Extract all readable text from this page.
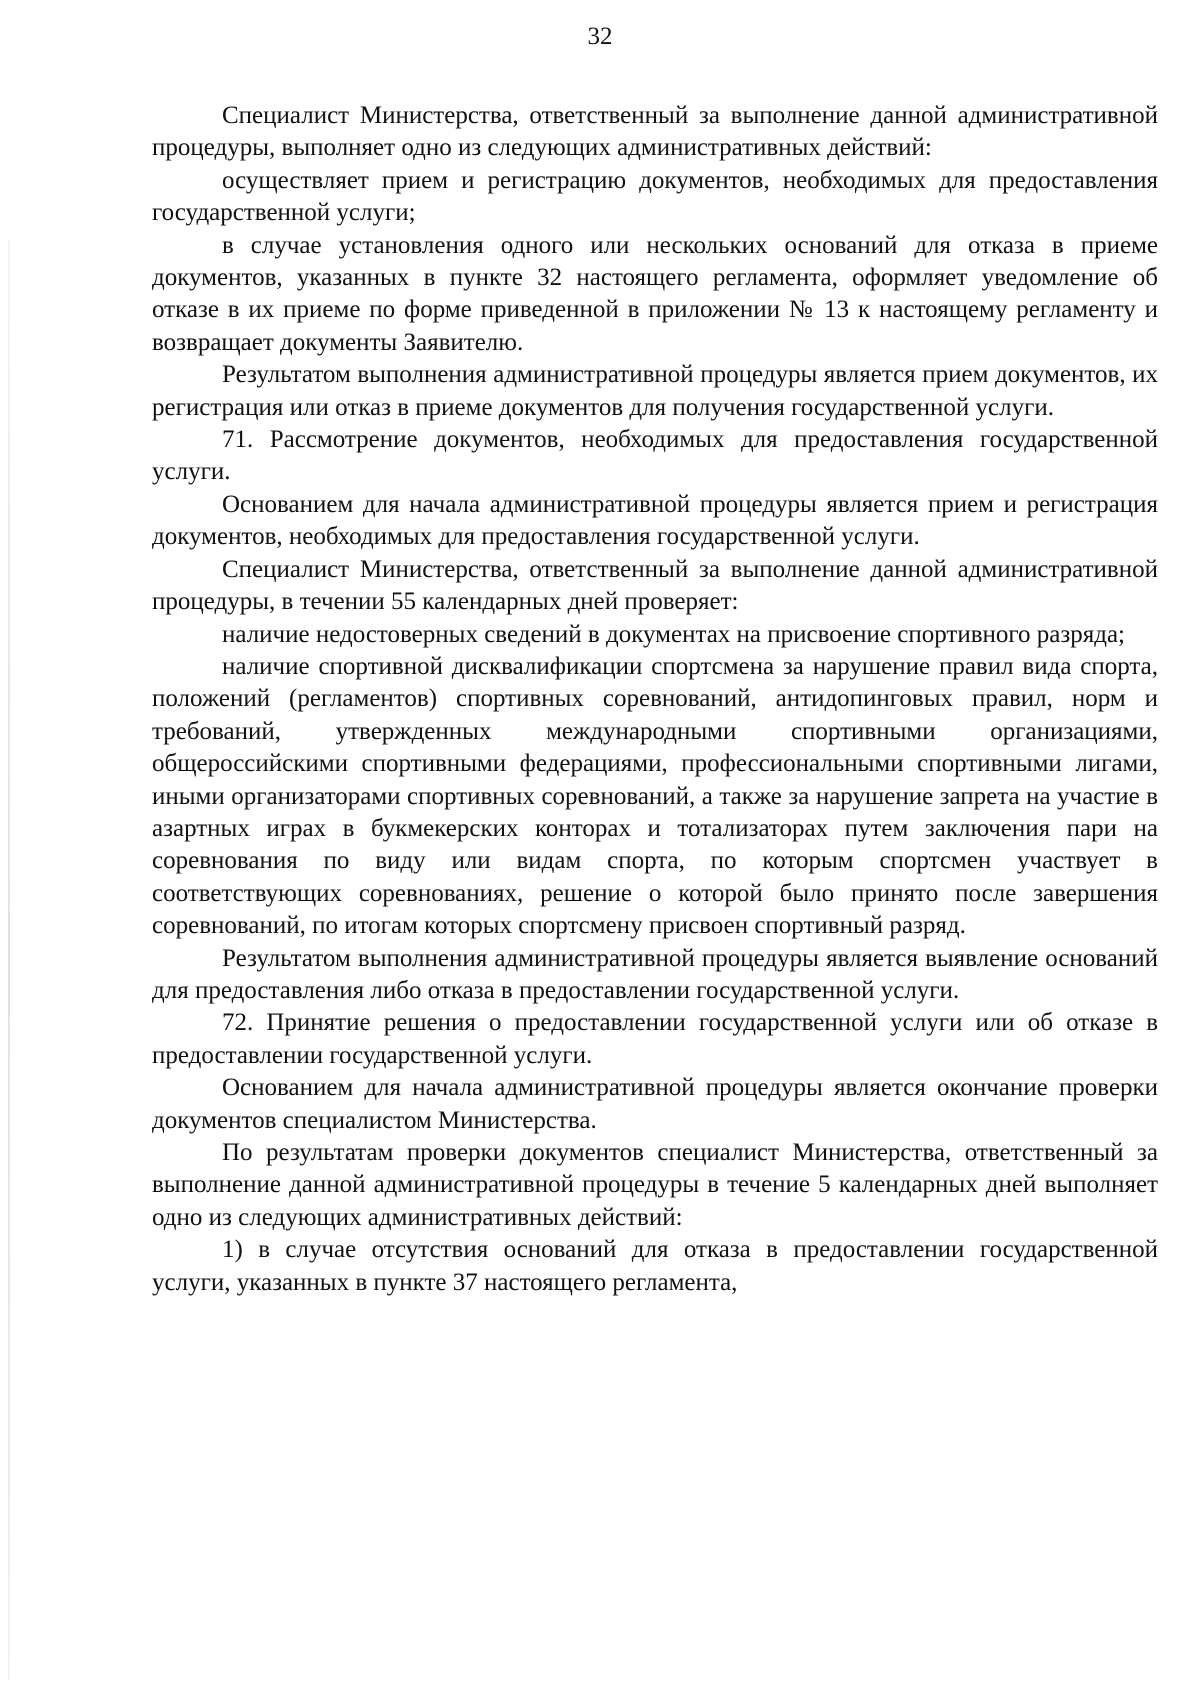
32

Специалист Министерства, ответственный за выполнение данной административной процедуры, выполняет одно из следующих административных действий:

осуществляет прием и регистрацию документов, необходимых для предоставления государственной услуги;

в случае установления одного или нескольких оснований для отказа в приеме документов, указанных в пункте 32 настоящего регламента, оформляет уведомление об отказе в их приеме по форме приведенной в приложении № 13 к настоящему регламенту и возвращает документы Заявителю.

Результатом выполнения административной процедуры является прием документов, их регистрация или отказ в приеме документов для получения государственной услуги.

71. Рассмотрение документов, необходимых для предоставления государственной услуги.

Основанием для начала административной процедуры является прием и регистрация документов, необходимых для предоставления государственной услуги.

Специалист Министерства, ответственный за выполнение данной административной процедуры, в течении 55 календарных дней проверяет:

наличие недостоверных сведений в документах на присвоение спортивного разряда;

наличие спортивной дисквалификации спортсмена за нарушение правил вида спорта, положений (регламентов) спортивных соревнований, антидопинговых правил, норм и требований, утвержденных международными спортивными организациями, общероссийскими спортивными федерациями, профессиональными спортивными лигами, иными организаторами спортивных соревнований, а также за нарушение запрета на участие в азартных играх в букмекерских конторах и тотализаторах путем заключения пари на соревнования по виду или видам спорта, по которым спортсмен участвует в соответствующих соревнованиях, решение о которой было принято после завершения соревнований, по итогам которых спортсмену присвоен спортивный разряд.

Результатом выполнения административной процедуры является выявление оснований для предоставления либо отказа в предоставлении государственной услуги.

72. Принятие решения о предоставлении государственной услуги или об отказе в предоставлении государственной услуги.

Основанием для начала административной процедуры является окончание проверки документов специалистом Министерства.

По результатам проверки документов специалист Министерства, ответственный за выполнение данной административной процедуры в течение 5 календарных дней выполняет одно из следующих административных действий:

1) в случае отсутствия оснований для отказа в предоставлении государственной услуги, указанных в пункте 37 настоящего регламента,
